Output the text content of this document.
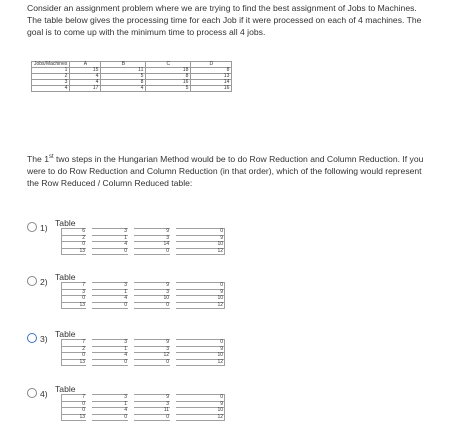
Consider an assignment problem where we are trying to find the best assignment of Jobs to Machines. The table below gives the processing time for each Job if it were processed on each of 4 machines. The goal is to come up with the minimum time to process all 4 jobs.

Jobs/Machines	A	B	C	D
1	15	11	18	8
2	4	5	8	13
3	4	8	16	14
4	17	4	5	16

The 1st two steps in the Hungarian Method would be to do Row Reduction and Column Reduction. If you were to do Row Reduction and Column Reduction (in that order), which of the following would represent the Row Reduced / Column Reduced table:

1) Table
6	3	9	0
2	1	3	9
0	4	14	10
13	0	0	12
2) Table
7	3	9	0
3	1	3	9
0	4	10	10
13	0	0	12
3) Table
7	3	9	0
2	1	3	9
0	4	12	10
13	0	0	12
4) Table
7	3	9	0
0	1	3	9
0	4	11	10
13	0	0	12
